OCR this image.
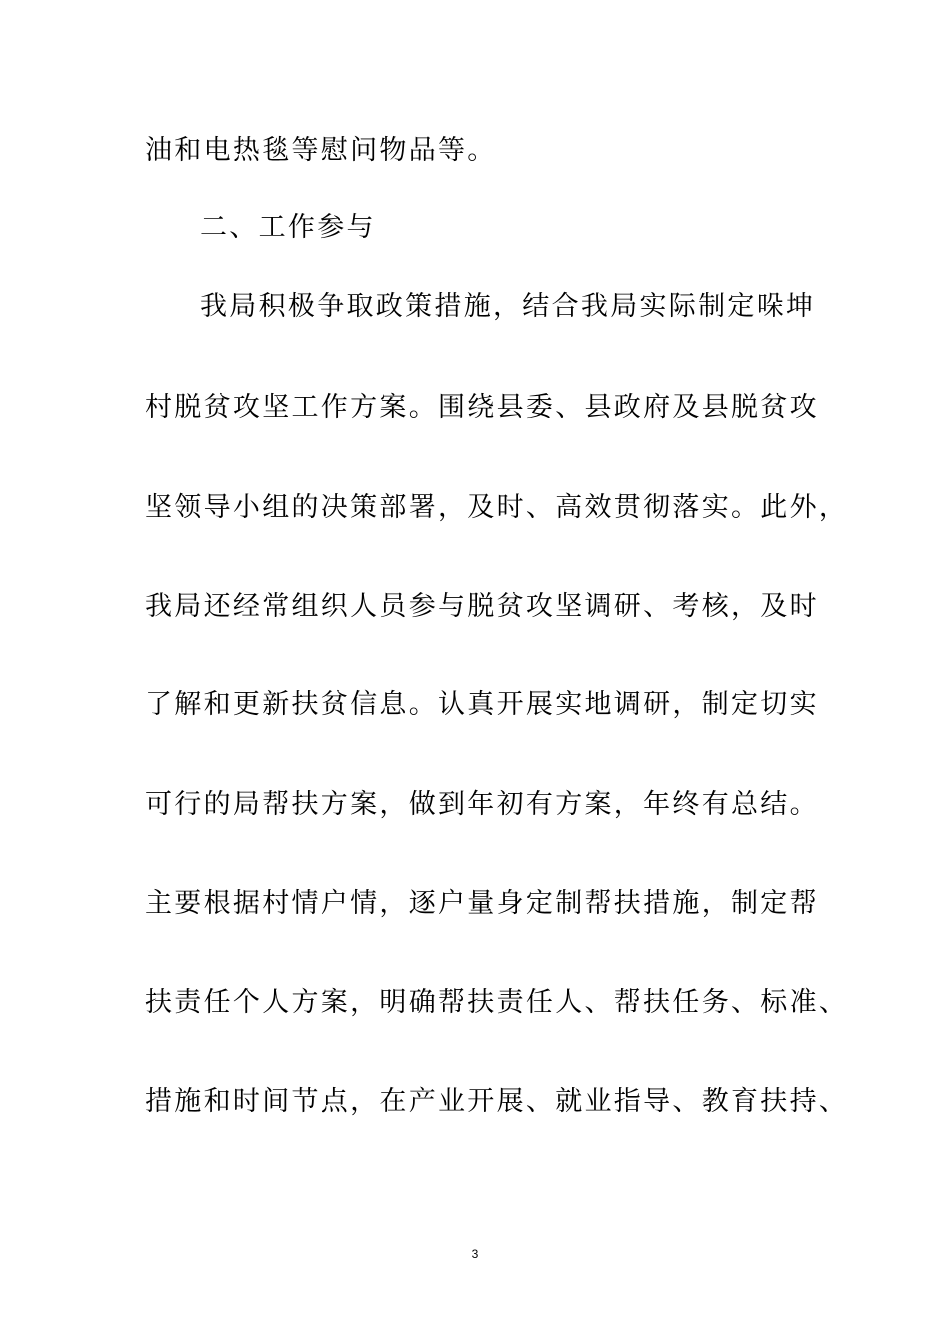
油和电热毯等慰问物品等。
二、工作参与
我局积极争取政策措施，结合我局实际制定哚坤
村脱贫攻坚工作方案。围绕县委、县政府及县脱贫攻
坚领导小组的决策部署，及时、高效贯彻落实。此外，
我局还经常组织人员参与脱贫攻坚调研、考核，及时
了解和更新扶贫信息。认真开展实地调研，制定切实
可行的局帮扶方案，做到年初有方案，年终有总结。
主要根据村情户情，逐户量身定制帮扶措施，制定帮
扶责任个人方案，明确帮扶责任人、帮扶任务、标准、
措施和时间节点，在产业开展、就业指导、教育扶持、
3
